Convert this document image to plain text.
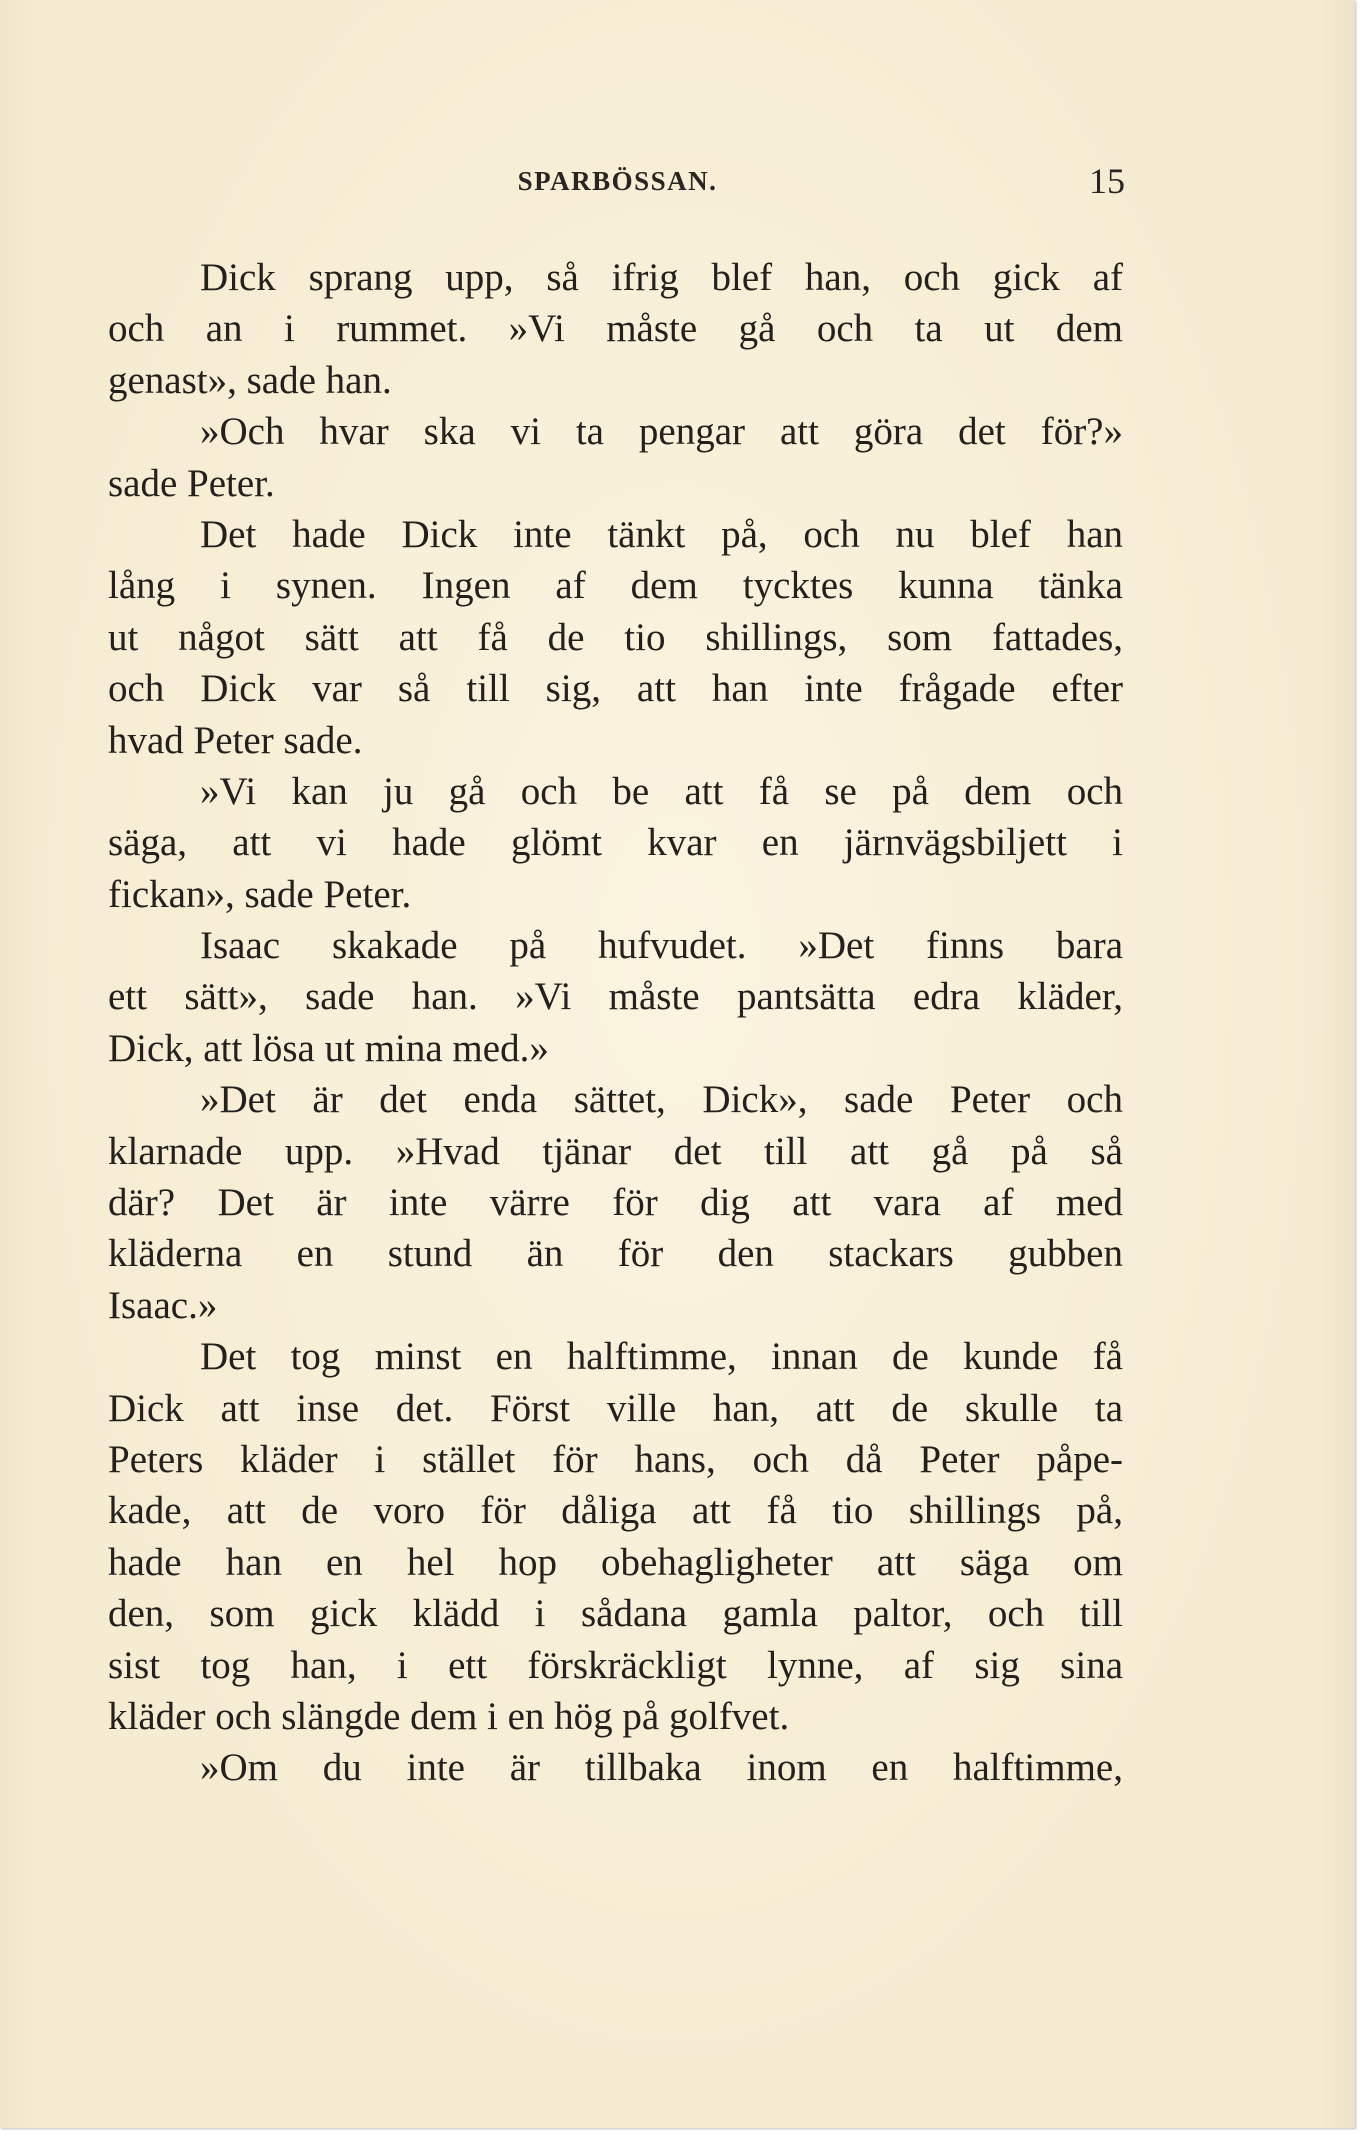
SPARBÖSSAN.	15
Dick sprang upp, så ifrig blef han, och gick af
och an i rummet. »Vi måste gå och ta ut dem
genast», sade han.
»Och hvar ska vi ta pengar att göra det för?»
sade Peter.
Det hade Dick inte tänkt på, och nu blef han
lång i synen. Ingen af dem tycktes kunna tänka
ut något sätt att få de tio shillings, som fattades,
och Dick var så till sig, att han inte frågade efter
hvad Peter sade.
»Vi kan ju gå och be att få se på dem och
säga, att vi hade glömt kvar en järnvägsbiljett i
fickan», sade Peter.
Isaac skakade på hufvudet. »Det finns bara
ett sätt», sade han. »Vi måste pantsätta edra kläder,
Dick, att lösa ut mina med.»
»Det är det enda sättet, Dick», sade Peter och
klarnade upp. »Hvad tjänar det till att gå på så
där? Det är inte värre för dig att vara af med
kläderna en stund än för den stackars gubben
Isaac.»
Det tog minst en halftimme, innan de kunde få
Dick att inse det. Först ville han, att de skulle ta
Peters kläder i stället för hans, och då Peter påpe-
kade, att de voro för dåliga att få tio shillings på,
hade han en hel hop obehagligheter att säga om
den, som gick klädd i sådana gamla paltor, och till
sist tog han, i ett förskräckligt lynne, af sig sina
kläder och slängde dem i en hög på golfvet.
»Om du inte är tillbaka inom en halftimme,
